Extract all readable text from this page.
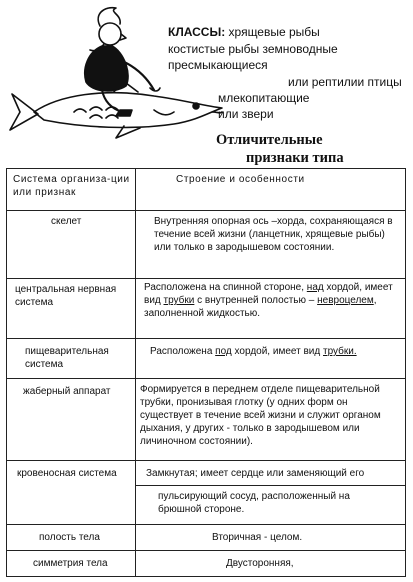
КЛАССЫ: хрящевые рыбы
костистые рыбы земноводные
пресмыкающиеся
или рептилии птицы
млекопитающие
или звери
Отличительные
признаки типа
Система организа-ции или признак	Строение и особенности

скелет	Внутренняя опорная ось –хорда, сохраняющаяся в течение всей жизни (ланцетник, хрящевые рыбы) или только в зародышевом состоянии.

центральная нервная система	Расположена на спинной стороне, над хордой, имеет вид трубки с внутренней полостью – невроцелем, заполненной жидкостью.

пищеварительная система	Расположена под хордой, имеет вид трубки.

жаберный аппарат	Формируется в переднем отделе пищеварительной трубки, пронизывая глотку (у одних форм он существует в течение всей жизни и служит органом дыхания, у других - только в зародышевом или личиночном состоянии).

кровеносная система	Замкнутая; имеет сердце или заменяющий его
пульсирующий сосуд, расположенный на брюшной стороне.

полость тела	Вторичная - целом.

симметрия тела	Двусторонняя,
